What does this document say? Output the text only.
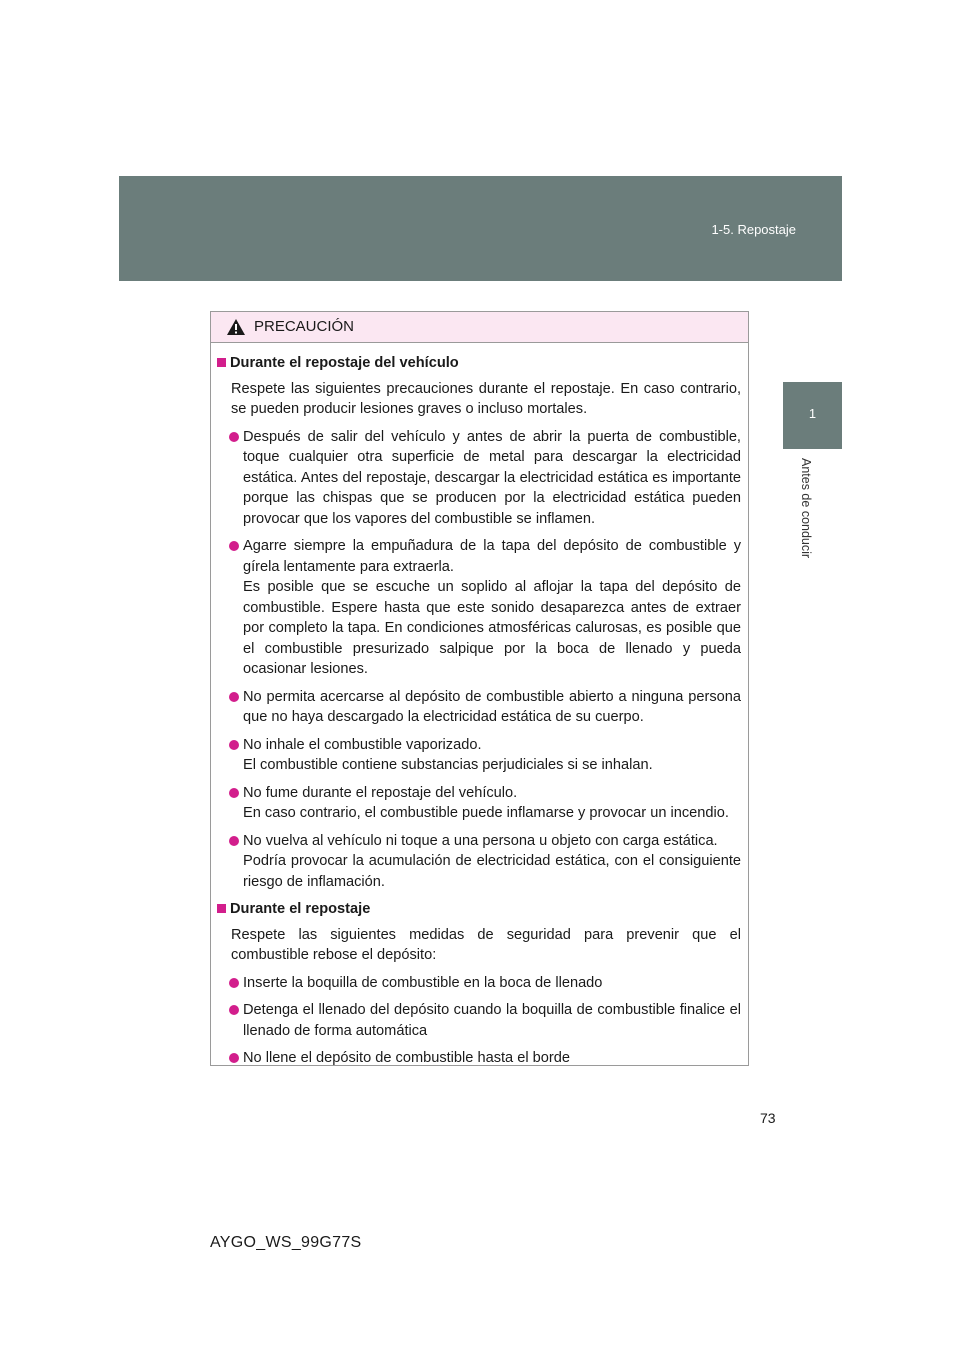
1-5. Repostaje
1
Antes de conducir
PRECAUCIÓN
Durante el repostaje del vehículo

Respete las siguientes precauciones durante el repostaje. En caso contrario, se pueden producir lesiones graves o incluso mortales.

Después de salir del vehículo y antes de abrir la puerta de combustible, toque cualquier otra superficie de metal para descargar la electricidad estática. Antes del repostaje, descargar la electricidad estática es importante porque las chispas que se producen por la electricidad estática pueden provocar que los vapores del combustible se inflamen.

Agarre siempre la empuñadura de la tapa del depósito de combustible y gírela lentamente para extraerla.

Es posible que se escuche un soplido al aflojar la tapa del depósito de combustible. Espere hasta que este sonido desaparezca antes de extraer por completo la tapa. En condiciones atmosféricas calurosas, es posible que el combustible presurizado salpique por la boca de llenado y pueda ocasionar lesiones.

No permita acercarse al depósito de combustible abierto a ninguna persona que no haya descargado la electricidad estática de su cuerpo.

No inhale el combustible vaporizado.

El combustible contiene substancias perjudiciales si se inhalan.

No fume durante el repostaje del vehículo.

En caso contrario, el combustible puede inflamarse y provocar un incendio.

No vuelva al vehículo ni toque a una persona u objeto con carga estática.

Podría provocar la acumulación de electricidad estática, con el consiguiente riesgo de inflamación.

Durante el repostaje

Respete las siguientes medidas de seguridad para prevenir que el combustible rebose el depósito:

Inserte la boquilla de combustible en la boca de llenado

Detenga el llenado del depósito cuando la boquilla de combustible finalice el llenado de forma automática

No llene el depósito de combustible hasta el borde

73
AYGO_WS_99G77S
